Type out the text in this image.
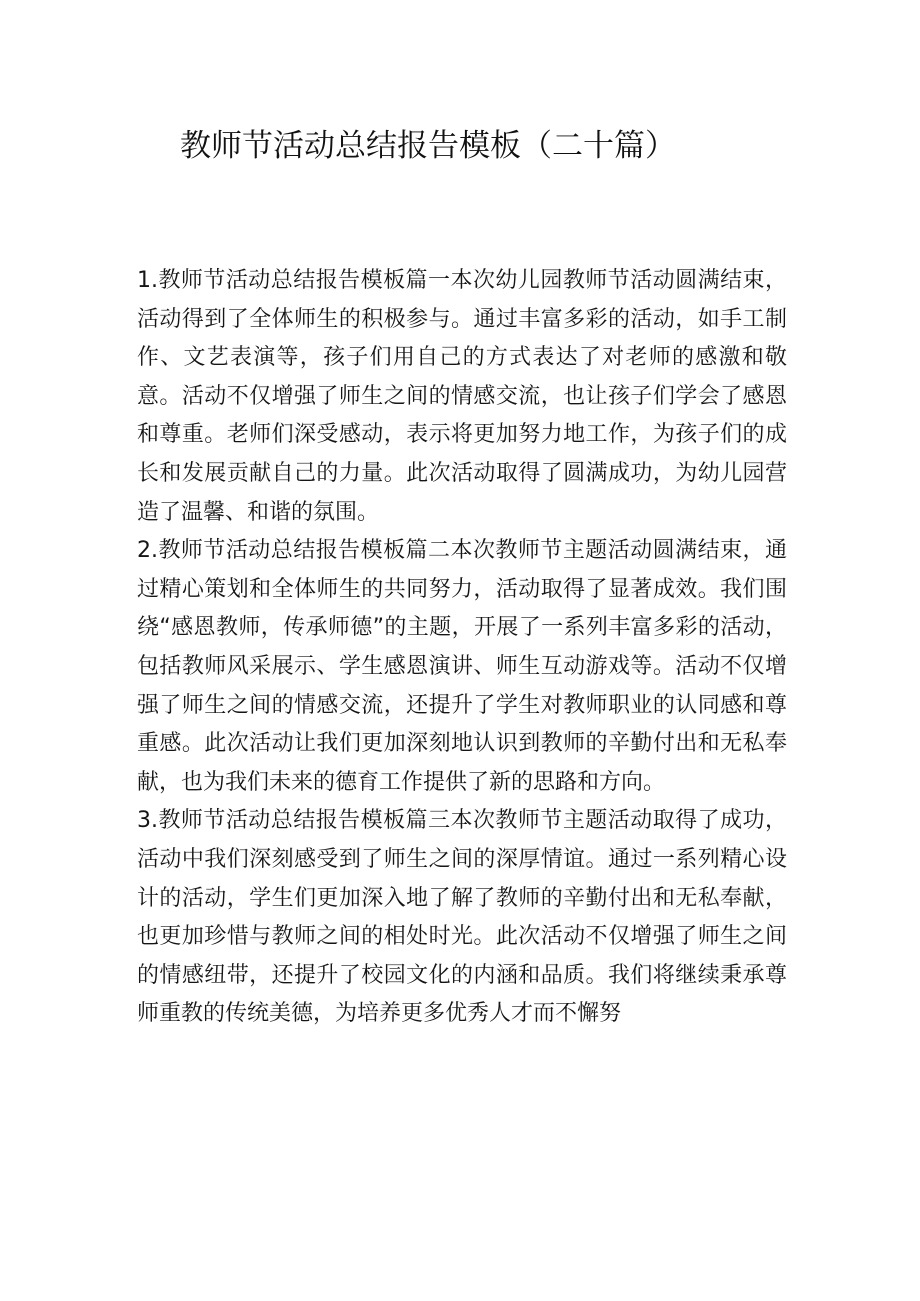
教师节活动总结报告模板（二十篇）

1.教师节活动总结报告模板篇一本次幼儿园教师节活动圆满结束，活动得到了全体师生的积极参与。通过丰富多彩的活动，如手工制作、文艺表演等，孩子们用自己的方式表达了对老师的感激和敬意。活动不仅增强了师生之间的情感交流，也让孩子们学会了感恩和尊重。老师们深受感动，表示将更加努力地工作，为孩子们的成长和发展贡献自己的力量。此次活动取得了圆满成功，为幼儿园营造了温馨、和谐的氛围。

2.教师节活动总结报告模板篇二本次教师节主题活动圆满结束，通过精心策划和全体师生的共同努力，活动取得了显著成效。我们围绕“感恩教师，传承师德”的主题，开展了一系列丰富多彩的活动，包括教师风采展示、学生感恩演讲、师生互动游戏等。活动不仅增强了师生之间的情感交流，还提升了学生对教师职业的认同感和尊重感。此次活动让我们更加深刻地认识到教师的辛勤付出和无私奉献，也为我们未来的德育工作提供了新的思路和方向。

3.教师节活动总结报告模板篇三本次教师节主题活动取得了成功，活动中我们深刻感受到了师生之间的深厚情谊。通过一系列精心设计的活动，学生们更加深入地了解了教师的辛勤付出和无私奉献，也更加珍惜与教师之间的相处时光。此次活动不仅增强了师生之间的情感纽带，还提升了校园文化的内涵和品质。我们将继续秉承尊师重教的传统美德，为培养更多优秀人才而不懈努
